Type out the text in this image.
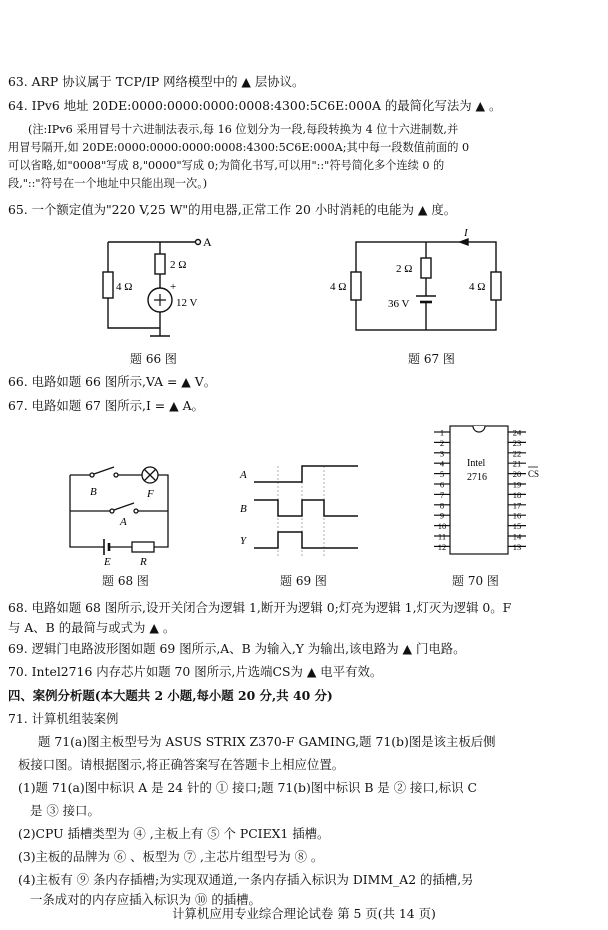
63. ARP 协议属于 TCP/IP 网络模型中的 ▲ 层协议。
64. IPv6 地址 20DE:0000:0000:0000:0008:4300:5C6E:000A 的最简化写法为 ▲ 。
(注:IPv6 采用冒号十六进制法表示,每 16 位划分为一段,每段转换为 4 位十六进制数,并
用冒号隔开,如 20DE:0000:0000:0000:0008:4300:5C6E:000A;其中每一段数值前面的 0
可以省略,如"0008"写成 8,"0000"写成 0;为简化书写,可以用"::"符号简化多个连续 0 的
段,"::"符号在一个地址中只能出现一次。)
65. 一个额定值为"220 V,25 W"的用电器,正常工作 20 小时消耗的电能为 ▲ 度。
A
4 Ω
2 Ω
+
12 V
题 66 图
I
4 Ω
2 Ω
4 Ω
36 V
题 67 图
66. 电路如题 66 图所示,VA = ▲ V。
67. 电路如题 67 图所示,I = ▲ A。
B	F
A
E	R
题 68 图
A
B
Y
题 69 图
Intel
2716
1
2
3
4
5
6
7
8
9
10
11
12
24
23
22
21
20
19
18
17
16
15
14
13
CS
题 70 图
68. 电路如题 68 图所示,设开关闭合为逻辑 1,断开为逻辑 0;灯亮为逻辑 1,灯灭为逻辑 0。F
与 A、B 的最简与或式为 ▲ 。
69. 逻辑门电路波形图如题 69 图所示,A、B 为输入,Y 为输出,该电路为 ▲ 门电路。
70. Intel2716 内存芯片如题 70 图所示,片选端CS为 ▲ 电平有效。
四、案例分析题(本大题共 2 小题,每小题 20 分,共 40 分)
71. 计算机组装案例
题 71(a)图主板型号为 ASUS STRIX Z370-F GAMING,题 71(b)图是该主板后侧
板接口图。请根据图示,将正确答案写在答题卡上相应位置。
(1)题 71(a)图中标识 A 是 24 针的 ① 接口;题 71(b)图中标识 B 是 ② 接口,标识 C
是 ③ 接口。
(2)CPU 插槽类型为 ④ ,主板上有 ⑤ 个 PCIEX1 插槽。
(3)主板的品牌为 ⑥ 、板型为 ⑦ ,主芯片组型号为 ⑧ 。
(4)主板有 ⑨ 条内存插槽;为实现双通道,一条内存插入标识为 DIMM_A2 的插槽,另
一条成对的内存应插入标识为 ⑩ 的插槽。
计算机应用专业综合理论试卷 第 5 页(共 14 页)
